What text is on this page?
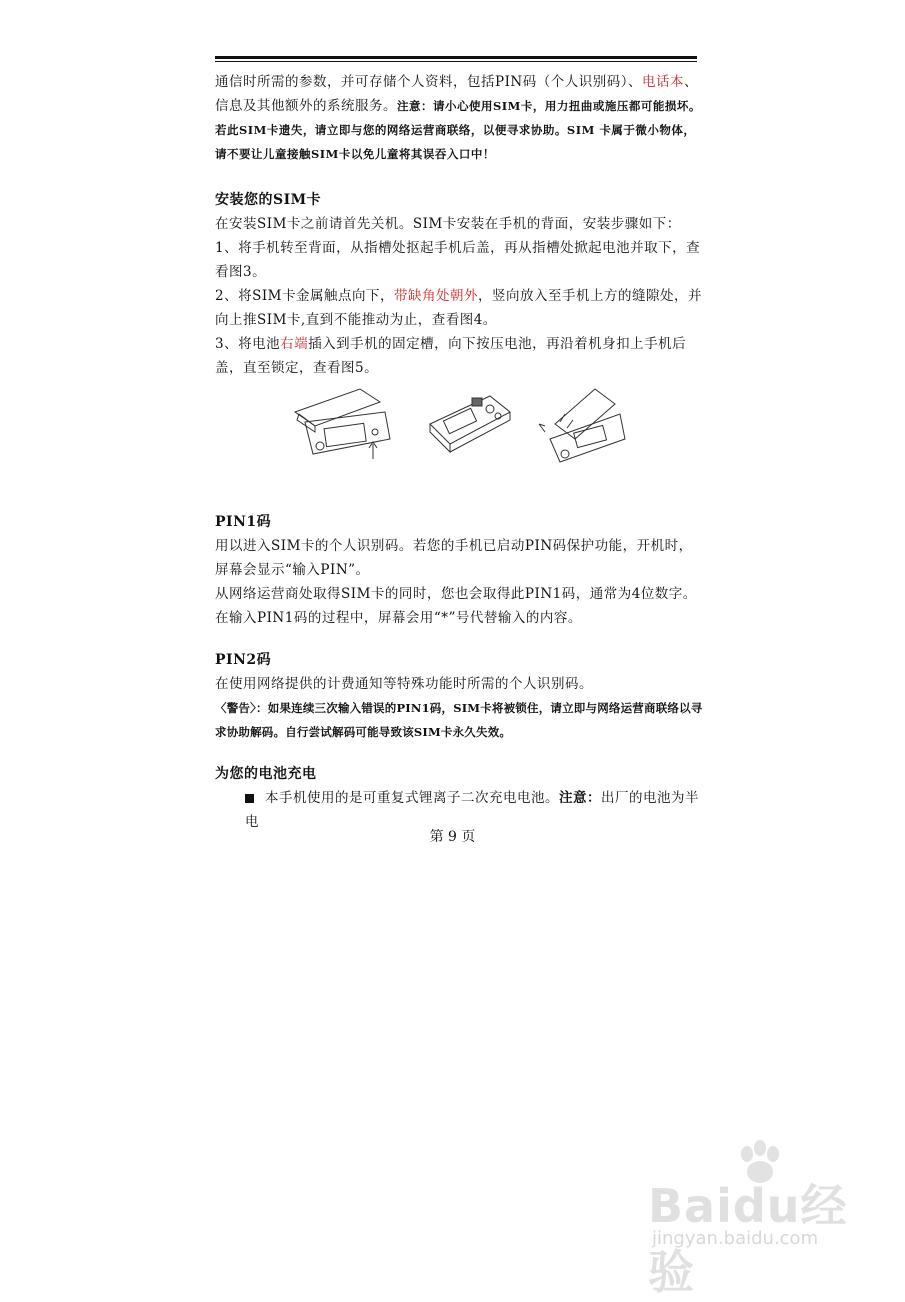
通信时所需的参数，并可存储个人资料，包括PIN码（个人识别码）、电话本、信息及其他额外的系统服务。注意：请小心使用SIM卡，用力扭曲或施压都可能损坏。若此SIM卡遗失，请立即与您的网络运营商联络，以便寻求协助。SIM 卡属于微小物体，请不要让儿童接触SIM卡以免儿童将其误吞入口中！

安装您的SIM卡

在安装SIM卡之前请首先关机。SIM卡安装在手机的背面，安装步骤如下：

1、将手机转至背面，从指槽处抠起手机后盖，再从指槽处掀起电池并取下，查看图3。

2、将SIM卡金属触点向下，带缺角处朝外，竖向放入至手机上方的缝隙处，并向上推SIM卡,直到不能推动为止，查看图4。

3、将电池右端插入到手机的固定槽，向下按压电池，再沿着机身扣上手机后盖，直至锁定，查看图5。

PIN1码

用以进入SIM卡的个人识别码。若您的手机已启动PIN码保护功能，开机时，屏幕会显示“输入PIN”。

从网络运营商处取得SIM卡的同时，您也会取得此PIN1码，通常为4位数字。在输入PIN1码的过程中，屏幕会用“*”号代替输入的内容。

PIN2码

在使用网络提供的计费通知等特殊功能时所需的个人识别码。

〈警告〉：如果连续三次输入错误的PIN1码，SIM卡将被锁住，请立即与网络运营商联络以寻求协助解码。自行尝试解码可能导致该SIM卡永久失效。

为您的电池充电

本手机使用的是可重复式锂离子二次充电电池。注意：出厂的电池为半电

第 9 页
Baidu经验
jingyan.baidu.com
